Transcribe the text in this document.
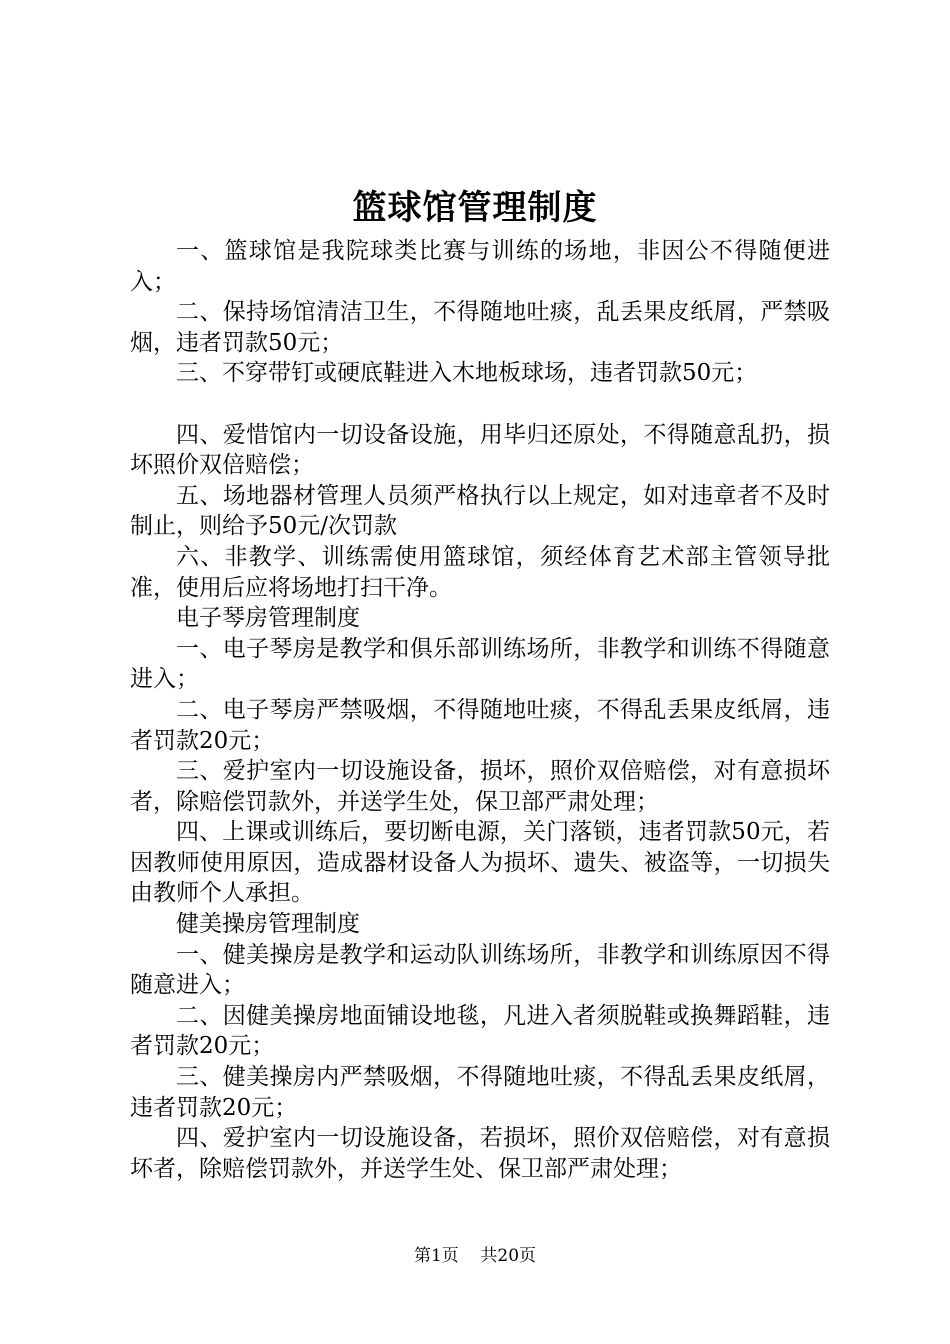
篮球馆管理制度

一、篮球馆是我院球类比赛与训练的场地，非因公不得随便进入；

二、保持场馆清洁卫生，不得随地吐痰，乱丢果皮纸屑，严禁吸烟，违者罚款50元；

三、不穿带钉或硬底鞋进入木地板球场，违者罚款50元；

四、爱惜馆内一切设备设施，用毕归还原处，不得随意乱扔，损坏照价双倍赔偿；

五、场地器材管理人员须严格执行以上规定，如对违章者不及时制止，则给予50元/次罚款

六、非教学、训练需使用篮球馆，须经体育艺术部主管领导批准，使用后应将场地打扫干净。

电子琴房管理制度

一、电子琴房是教学和俱乐部训练场所，非教学和训练不得随意进入；

二、电子琴房严禁吸烟，不得随地吐痰，不得乱丢果皮纸屑，违者罚款20元；

三、爱护室内一切设施设备，损坏，照价双倍赔偿，对有意损坏者，除赔偿罚款外，并送学生处，保卫部严肃处理；

四、上课或训练后，要切断电源，关门落锁，违者罚款50元，若因教师使用原因，造成器材设备人为损坏、遗失、被盗等，一切损失由教师个人承担。

健美操房管理制度

一、健美操房是教学和运动队训练场所，非教学和训练原因不得随意进入；

二、因健美操房地面铺设地毯，凡进入者须脱鞋或换舞蹈鞋，违者罚款20元；

三、健美操房内严禁吸烟，不得随地吐痰，不得乱丢果皮纸屑，违者罚款20元；

四、爱护室内一切设施设备，若损坏，照价双倍赔偿，对有意损坏者，除赔偿罚款外，并送学生处、保卫部严肃处理；

第1页 共20页
